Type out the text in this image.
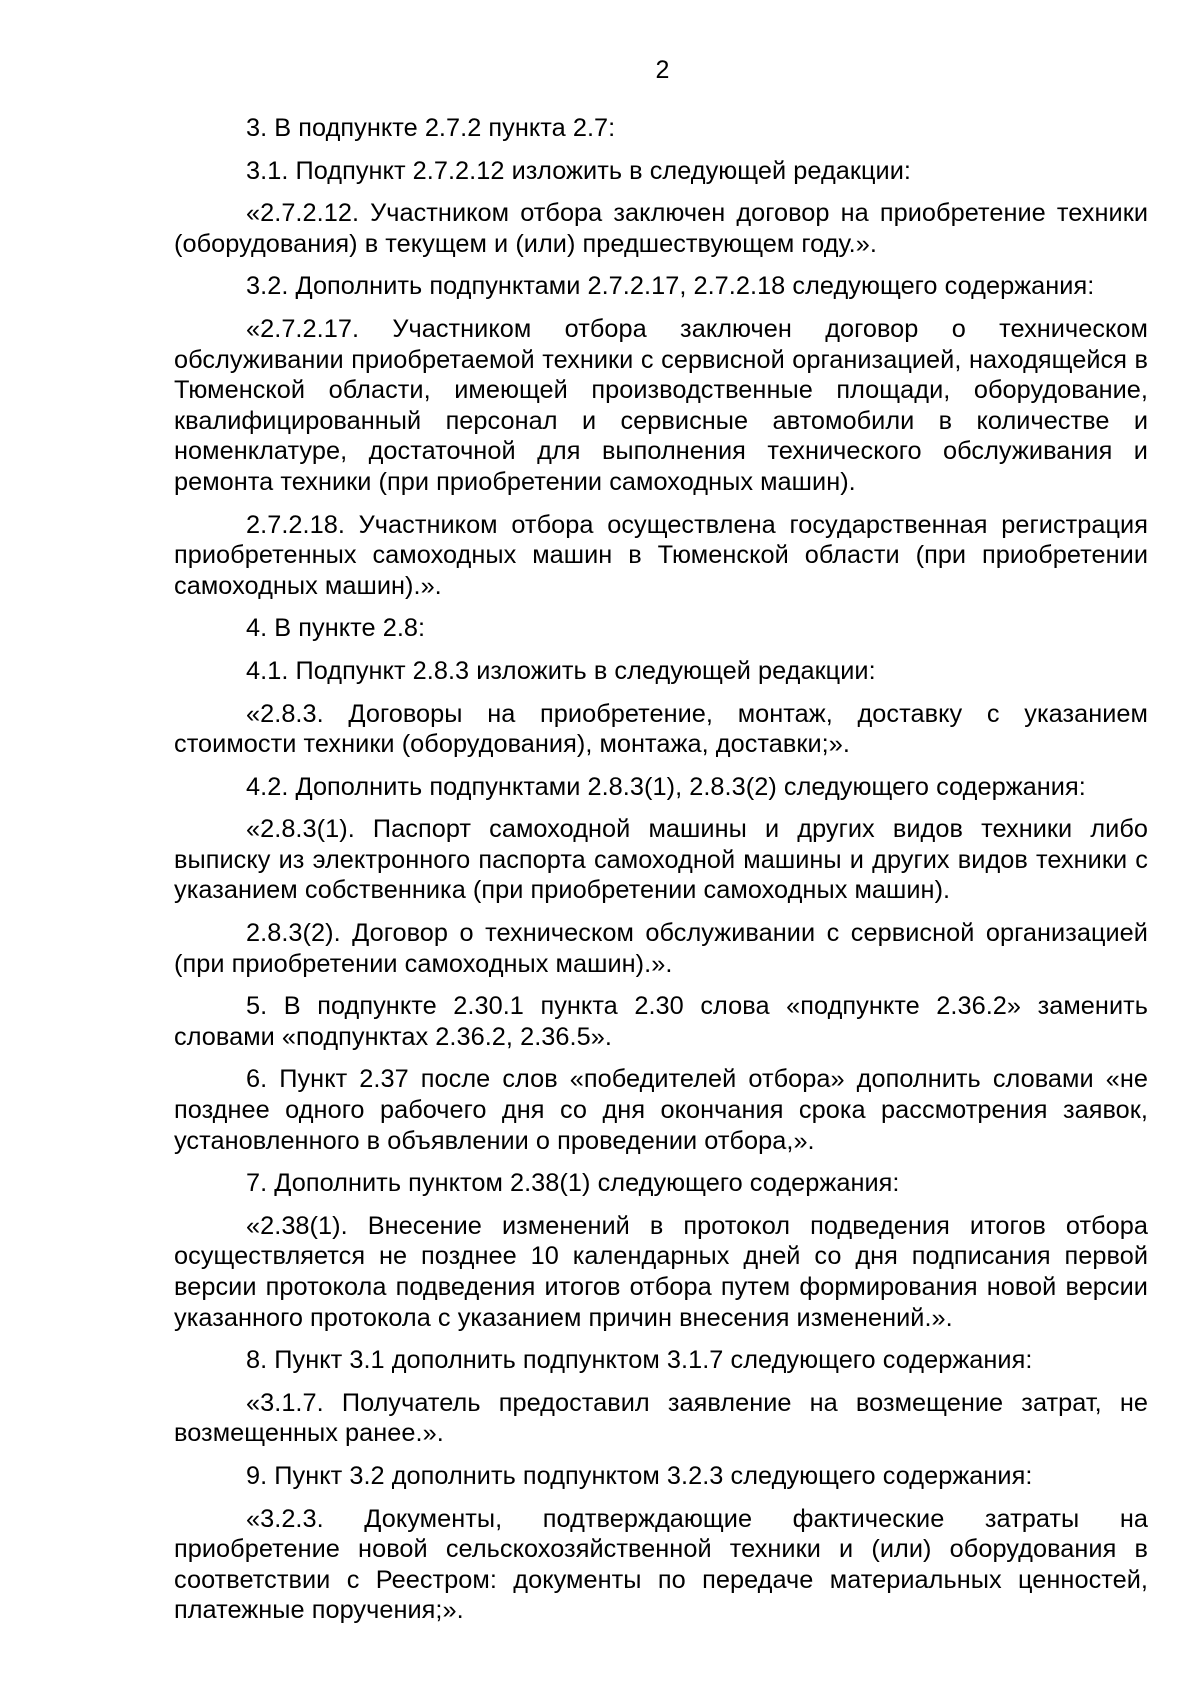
2

3. В подпункте 2.7.2 пункта 2.7:

3.1. Подпункт 2.7.2.12 изложить в следующей редакции:

«2.7.2.12. Участником отбора заключен договор на приобретение техники (оборудования) в текущем и (или) предшествующем году.».

3.2. Дополнить подпунктами 2.7.2.17, 2.7.2.18 следующего содержания:

«2.7.2.17. Участником отбора заключен договор о техническом обслуживании приобретаемой техники с сервисной организацией, находящейся в Тюменской области, имеющей производственные площади, оборудование, квалифицированный персонал и сервисные автомобили в количестве и номенклатуре, достаточной для выполнения технического обслуживания и ремонта техники (при приобретении самоходных машин).

2.7.2.18. Участником отбора осуществлена государственная регистрация приобретенных самоходных машин в Тюменской области (при приобретении самоходных машин).».

4. В пункте 2.8:

4.1. Подпункт 2.8.3 изложить в следующей редакции:

«2.8.3. Договоры на приобретение, монтаж, доставку с указанием стоимости техники (оборудования), монтажа, доставки;».

4.2. Дополнить подпунктами 2.8.3(1), 2.8.3(2) следующего содержания:

«2.8.3(1). Паспорт самоходной машины и других видов техники либо выписку из электронного паспорта самоходной машины и других видов техники с указанием собственника (при приобретении самоходных машин).

2.8.3(2). Договор о техническом обслуживании с сервисной организацией (при приобретении самоходных машин).».

5. В подпункте 2.30.1 пункта 2.30 слова «подпункте 2.36.2» заменить словами «подпунктах 2.36.2, 2.36.5».

6. Пункт 2.37 после слов «победителей отбора» дополнить словами «не позднее одного рабочего дня со дня окончания срока рассмотрения заявок, установленного в объявлении о проведении отбора,».

7. Дополнить пунктом 2.38(1) следующего содержания:

«2.38(1). Внесение изменений в протокол подведения итогов отбора осуществляется не позднее 10 календарных дней со дня подписания первой версии протокола подведения итогов отбора путем формирования новой версии указанного протокола с указанием причин внесения изменений.».

8. Пункт 3.1 дополнить подпунктом 3.1.7 следующего содержания:

«3.1.7. Получатель предоставил заявление на возмещение затрат, не возмещенных ранее.».

9. Пункт 3.2 дополнить подпунктом 3.2.3 следующего содержания:

«3.2.3. Документы, подтверждающие фактические затраты на приобретение новой сельскохозяйственной техники и (или) оборудования в соответствии с Реестром: документы по передаче материальных ценностей, платежные поручения;».
